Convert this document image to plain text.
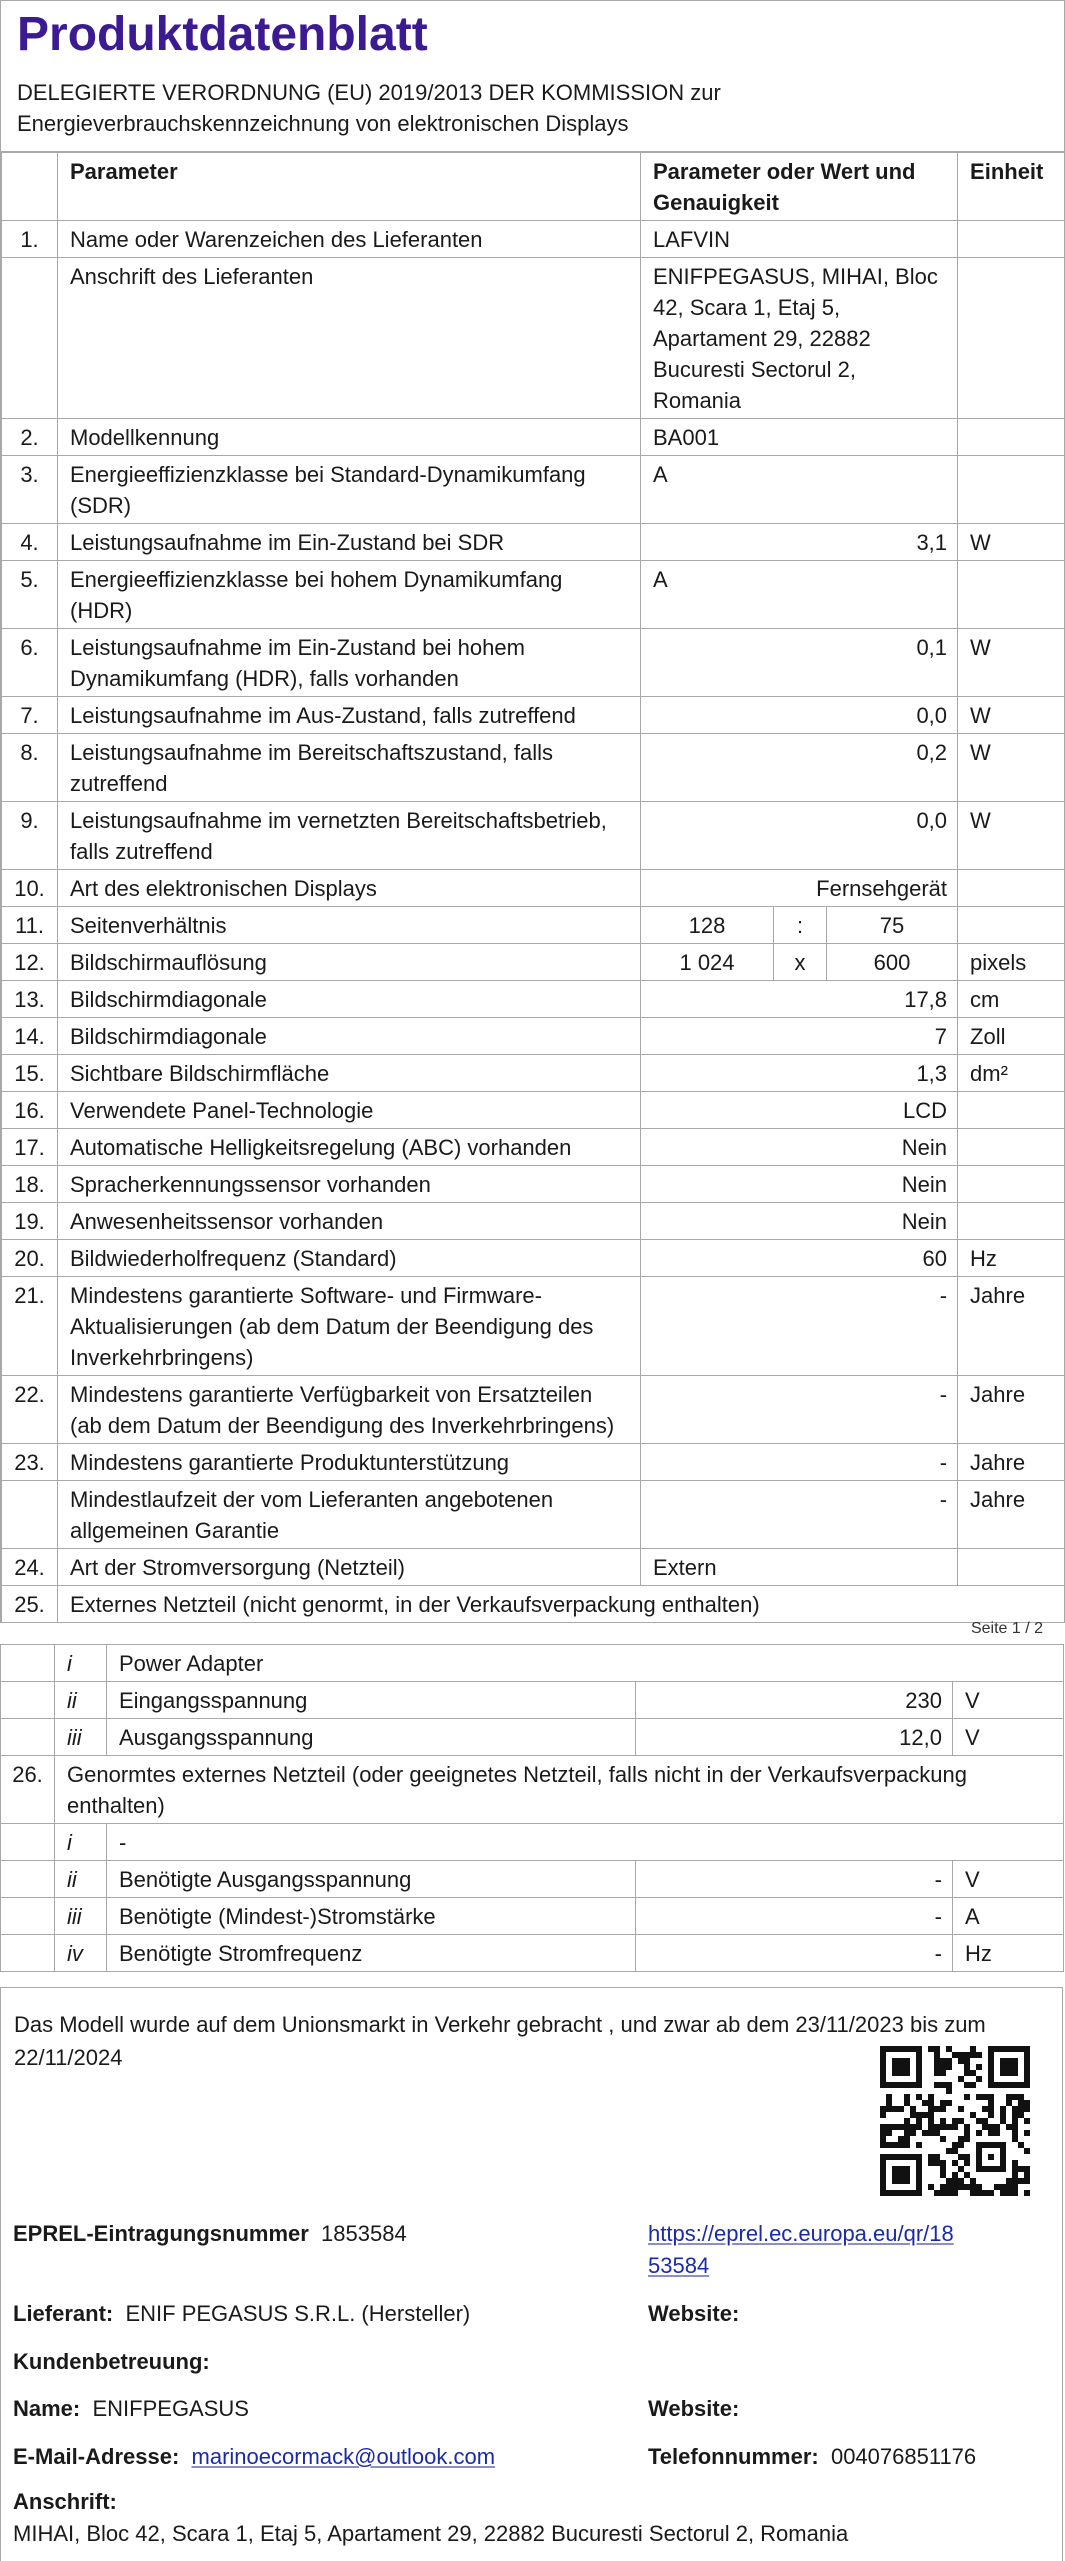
Produktdatenblatt
DELEGIERTE VERORDNUNG (EU) 2019/2013 DER KOMMISSION zur
Energieverbrauchskennzeichnung von elektronischen Displays
	Parameter	Parameter oder Wert und
Genauigkeit			Einheit
1.	Name oder Warenzeichen des Lieferanten	LAFVIN			
	Anschrift des Lieferanten	ENIFPEGASUS, MIHAI, Bloc 42, Scara 1, Etaj 5, Apartament 29, 22882 Bucuresti Sectorul 2, Romania			
2.	Modellkennung	BA001			
3.	Energieeffizienzklasse bei Standard-Dynamikumfang (SDR)	A			
4.	Leistungsaufnahme im Ein-Zustand bei SDR	3,1			W
5.	Energieeffizienzklasse bei hohem Dynamikumfang (HDR)	A			
6.	Leistungsaufnahme im Ein-Zustand bei hohem Dynamikumfang (HDR), falls vorhanden	0,1			W
7.	Leistungsaufnahme im Aus-Zustand, falls zutreffend	0,0			W
8.	Leistungsaufnahme im Bereitschaftszustand, falls zutreffend	0,2			W
9.	Leistungsaufnahme im vernetzten Bereitschaftsbetrieb, falls zutreffend	0,0			W
10.	Art des elektronischen Displays	Fernsehgerät			
11.	Seitenverhältnis	128	:	75	
12.	Bildschirmauflösung	1 024	x	600	pixels
13.	Bildschirmdiagonale	17,8			cm
14.	Bildschirmdiagonale	7			Zoll
15.	Sichtbare Bildschirmfläche	1,3			dm²
16.	Verwendete Panel-Technologie	LCD			
17.	Automatische Helligkeitsregelung (ABC) vorhanden	Nein			
18.	Spracherkennungssensor vorhanden	Nein			
19.	Anwesenheitssensor vorhanden	Nein			
20.	Bildwiederholfrequenz (Standard)	60			Hz
21.	Mindestens garantierte Software- und Firmware-Aktualisierungen (ab dem Datum der Beendigung des Inverkehrbringens)	-			Jahre
22.	Mindestens garantierte Verfügbarkeit von Ersatzteilen (ab dem Datum der Beendigung des Inverkehrbringens)	-			Jahre
23.	Mindestens garantierte Produktunterstützung	-			Jahre
	Mindestlaufzeit der vom Lieferanten angebotenen allgemeinen Garantie	-			Jahre
24.	Art der Stromversorgung (Netzteil)	Extern			
25.	Externes Netzteil (nicht genormt, in der Verkaufsverpackung enthalten)				
Seite 1 / 2
	i	Power Adapter		
	ii	Eingangsspannung	230	V
	iii	Ausgangsspannung	12,0	V
26.	Genormtes externes Netzteil (oder geeignetes Netzteil, falls nicht in der Verkaufsverpackung enthalten)			
	i	-		
	ii	Benötigte Ausgangsspannung	-	V
	iii	Benötigte (Mindest-)Stromstärke	-	A
	iv	Benötigte Stromfrequenz	-	Hz
Das Modell wurde auf dem Unionsmarkt in Verkehr gebracht , und zwar ab dem 23/11/2023 bis zum 22/11/2024
EPREL-Eintragungsnummer 1853584	https://eprel.ec.europa.eu/qr/18
53584
Lieferant: ENIF PEGASUS S.R.L. (Hersteller)	Website:
Kundenbetreuung:
Name: ENIFPEGASUS	Website:
E-Mail-Adresse: marinoecormack@outlook.com	Telefonnummer: 004076851176
Anschrift:
MIHAI, Bloc 42, Scara 1, Etaj 5, Apartament 29, 22882 Bucuresti Sectorul 2, Romania
